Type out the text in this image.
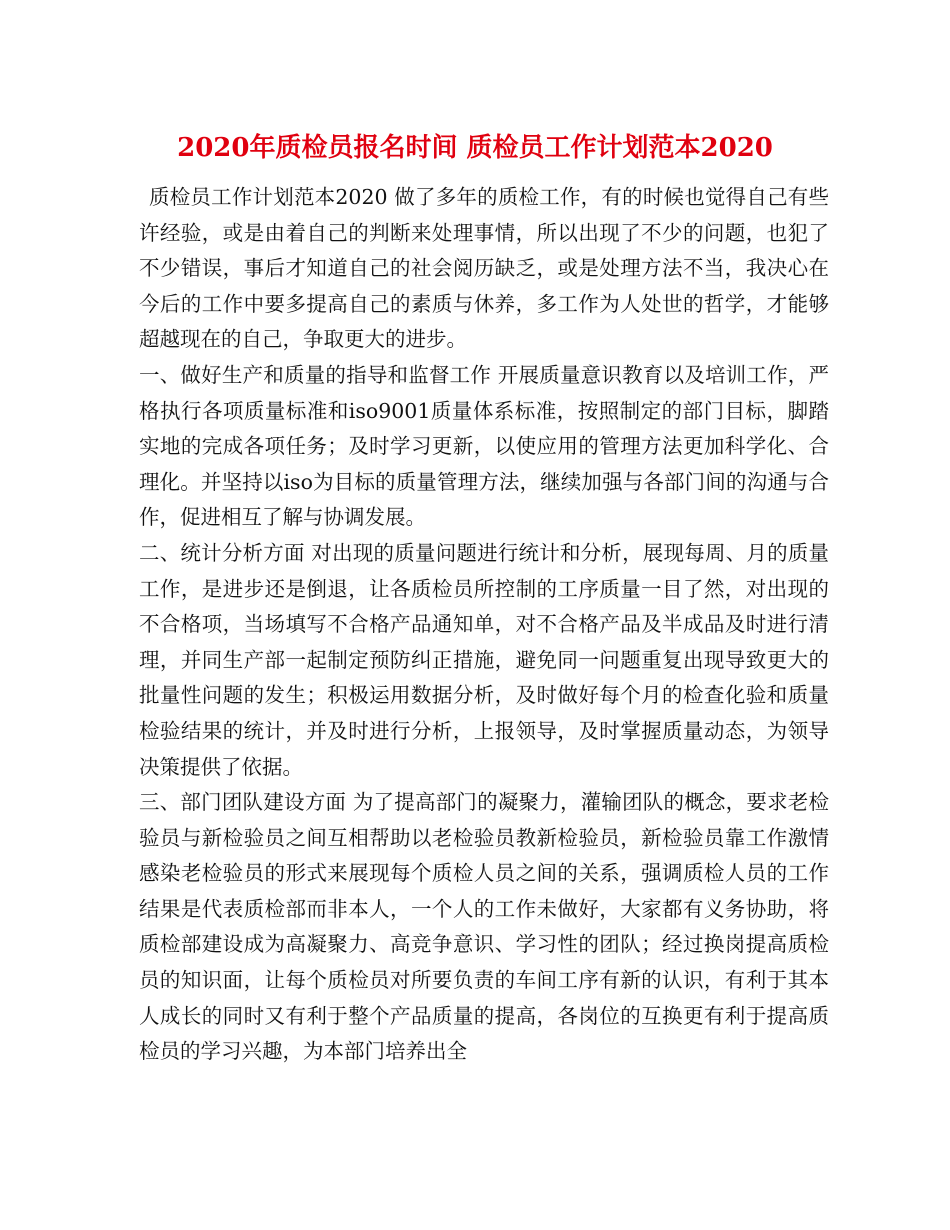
2020年质检员报名时间 质检员工作计划范本2020

质检员工作计划范本2020 做了多年的质检工作，有的时候也觉得自己有些许经验，或是由着自己的判断来处理事情，所以出现了不少的问题，也犯了不少错误，事后才知道自己的社会阅历缺乏，或是处理方法不当，我决心在今后的工作中要多提高自己的素质与休养，多工作为人处世的哲学，才能够超越现在的自己，争取更大的进步。

一、做好生产和质量的指导和监督工作 开展质量意识教育以及培训工作，严格执行各项质量标准和iso9001质量体系标准，按照制定的部门目标，脚踏实地的完成各项任务；及时学习更新，以使应用的管理方法更加科学化、合理化。并坚持以iso为目标的质量管理方法，继续加强与各部门间的沟通与合作，促进相互了解与协调发展。

二、统计分析方面 对出现的质量问题进行统计和分析，展现每周、月的质量工作，是进步还是倒退，让各质检员所控制的工序质量一目了然，对出现的不合格项，当场填写不合格产品通知单，对不合格产品及半成品及时进行清理，并同生产部一起制定预防纠正措施，避免同一问题重复出现导致更大的批量性问题的发生；积极运用数据分析，及时做好每个月的检查化验和质量检验结果的统计，并及时进行分析，上报领导，及时掌握质量动态，为领导决策提供了依据。

三、部门团队建设方面 为了提高部门的凝聚力，灌输团队的概念，要求老检验员与新检验员之间互相帮助以老检验员教新检验员，新检验员靠工作激情感染老检验员的形式来展现每个质检人员之间的关系，强调质检人员的工作结果是代表质检部而非本人，一个人的工作未做好，大家都有义务协助，将质检部建设成为高凝聚力、高竞争意识、学习性的团队；经过换岗提高质检员的知识面，让每个质检员对所要负责的车间工序有新的认识，有利于其本人成长的同时又有利于整个产品质量的提高，各岗位的互换更有利于提高质检员的学习兴趣，为本部门培养出全
